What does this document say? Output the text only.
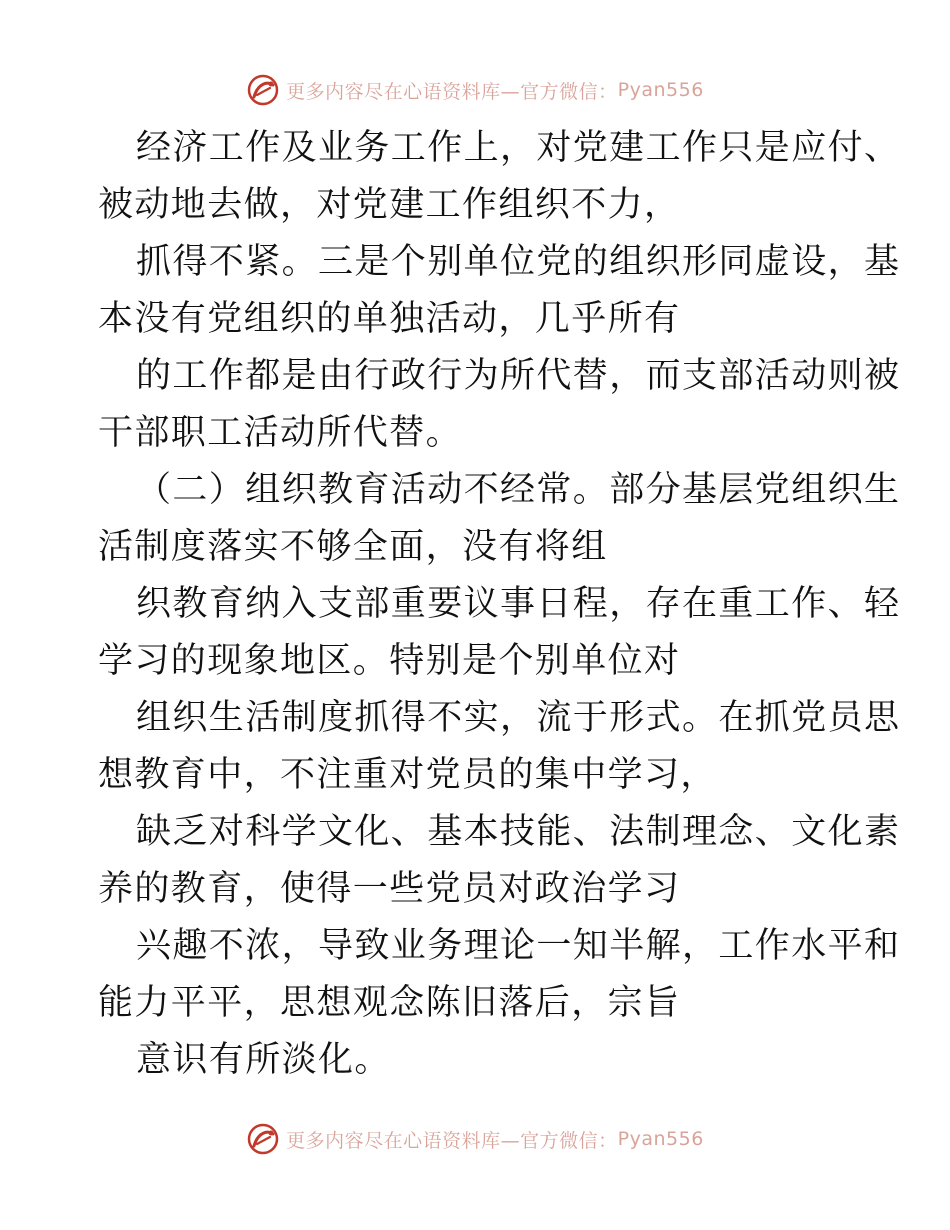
更多内容尽在心语资料库—官方微信： Pyan556
经济工作及业务工作上，对党建工作只是应付、
被动地去做，对党建工作组织不力，
抓得不紧。三是个别单位党的组织形同虚设，基
本没有党组织的单独活动，几乎所有
的工作都是由行政行为所代替，而支部活动则被
干部职工活动所代替。
（二）组织教育活动不经常。部分基层党组织生
活制度落实不够全面，没有将组
织教育纳入支部重要议事日程，存在重工作、轻
学习的现象地区。特别是个别单位对
组织生活制度抓得不实，流于形式。在抓党员思
想教育中，不注重对党员的集中学习，
缺乏对科学文化、基本技能、法制理念、文化素
养的教育，使得一些党员对政治学习
兴趣不浓，导致业务理论一知半解，工作水平和
能力平平，思想观念陈旧落后，宗旨
意识有所淡化。
更多内容尽在心语资料库—官方微信： Pyan556
